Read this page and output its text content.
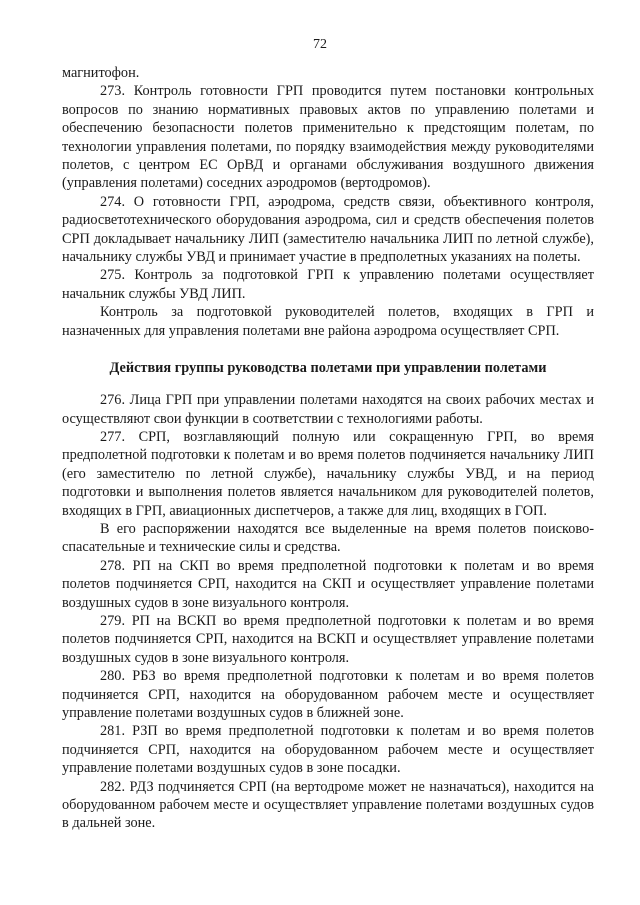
72

магнитофон.

273. Контроль готовности ГРП проводится путем постановки контрольных вопросов по знанию нормативных правовых актов по управлению полетами и обеспечению безопасности полетов применительно к предстоящим полетам, по технологии управления полетами, по порядку взаимодействия между руководителями полетов, с центром ЕС ОрВД и органами обслуживания воздушного движения (управления полетами) соседних аэродромов (вертодромов).

274. О готовности ГРП, аэродрома, средств связи, объективного контроля, радиосветотехнического оборудования аэродрома, сил и средств обеспечения полетов СРП докладывает начальнику ЛИП (заместителю начальника ЛИП по летной службе), начальнику службы УВД и принимает участие в предполетных указаниях на полеты.

275. Контроль за подготовкой ГРП к управлению полетами осуществляет начальник службы УВД ЛИП.

Контроль за подготовкой руководителей полетов, входящих в ГРП и назначенных для управления полетами вне района аэродрома осуществляет СРП.

Действия группы руководства полетами при управлении полетами

276. Лица ГРП при управлении полетами находятся на своих рабочих местах и осуществляют свои функции в соответствии с технологиями работы.

277. СРП, возглавляющий полную или сокращенную ГРП, во время предполетной подготовки к полетам и во время полетов подчиняется начальнику ЛИП (его заместителю по летной службе), начальнику службы УВД, и на период подготовки и выполнения полетов является начальником для руководителей полетов, входящих в ГРП, авиационных диспетчеров, а также для лиц, входящих в ГОП.

В его распоряжении находятся все выделенные на время полетов поисково-спасательные и технические силы и средства.

278. РП на СКП во время предполетной подготовки к полетам и во время полетов подчиняется СРП, находится на СКП и осуществляет управление полетами воздушных судов в зоне визуального контроля.

279. РП на ВСКП во время предполетной подготовки к полетам и во время полетов подчиняется СРП, находится на ВСКП и осуществляет управление полетами воздушных судов в зоне визуального контроля.

280. РБЗ во время предполетной подготовки к полетам и во время полетов подчиняется СРП, находится на оборудованном рабочем месте и осуществляет управление полетами воздушных судов в ближней зоне.

281. РЗП во время предполетной подготовки к полетам и во время полетов подчиняется СРП, находится на оборудованном рабочем месте и осуществляет управление полетами воздушных судов в зоне посадки.

282. РДЗ подчиняется СРП (на вертодроме может не назначаться), находится на оборудованном рабочем месте и осуществляет управление полетами воздушных судов в дальней зоне.
